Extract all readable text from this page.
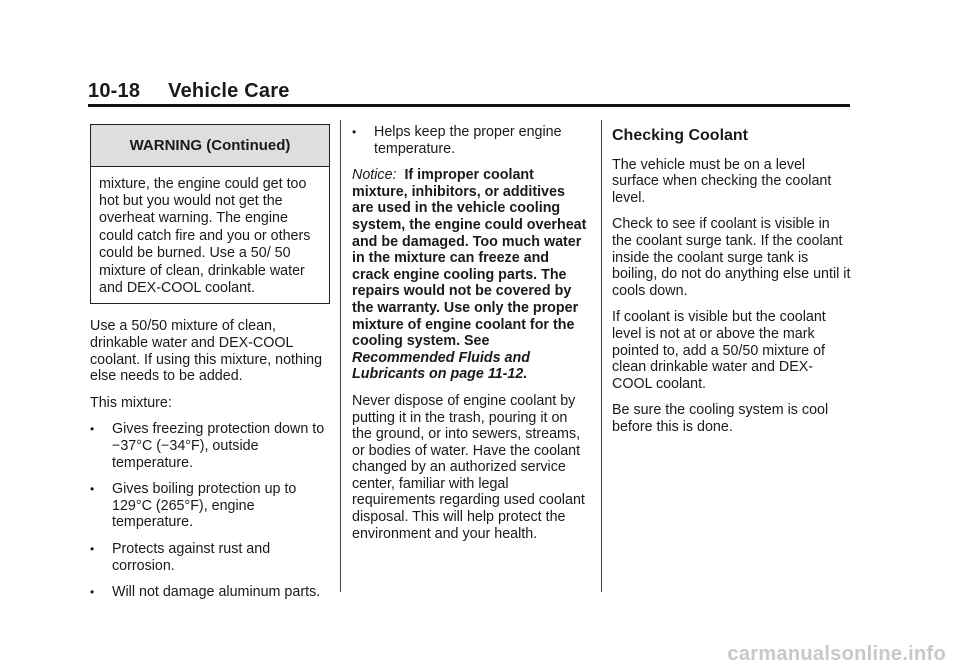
10-18 Vehicle Care
WARNING (Continued)
mixture, the engine could get too hot but you would not get the overheat warning. The engine could catch fire and you or others could be burned. Use a 50/ 50 mixture of clean, drinkable water and DEX-COOL coolant.

Use a 50/50 mixture of clean, drinkable water and DEX-COOL coolant. If using this mixture, nothing else needs to be added.

This mixture:

• Gives freezing protection down to −37°C (−34°F), outside temperature.
• Gives boiling protection up to 129°C (265°F), engine temperature.
• Protects against rust and corrosion.
• Will not damage aluminum parts.
• Helps keep the proper engine temperature.

Notice: If improper coolant mixture, inhibitors, or additives are used in the vehicle cooling system, the engine could overheat and be damaged. Too much water in the mixture can freeze and crack engine cooling parts. The repairs would not be covered by the warranty. Use only the proper mixture of engine coolant for the cooling system. See Recommended Fluids and Lubricants on page 11-12.

Never dispose of engine coolant by putting it in the trash, pouring it on the ground, or into sewers, streams, or bodies of water. Have the coolant changed by an authorized service center, familiar with legal requirements regarding used coolant disposal. This will help protect the environment and your health.

Checking Coolant

The vehicle must be on a level surface when checking the coolant level.

Check to see if coolant is visible in the coolant surge tank. If the coolant inside the coolant surge tank is boiling, do not do anything else until it cools down.

If coolant is visible but the coolant level is not at or above the mark pointed to, add a 50/50 mixture of clean drinkable water and DEX-COOL coolant.

Be sure the cooling system is cool before this is done.

carmanualsonline.info
